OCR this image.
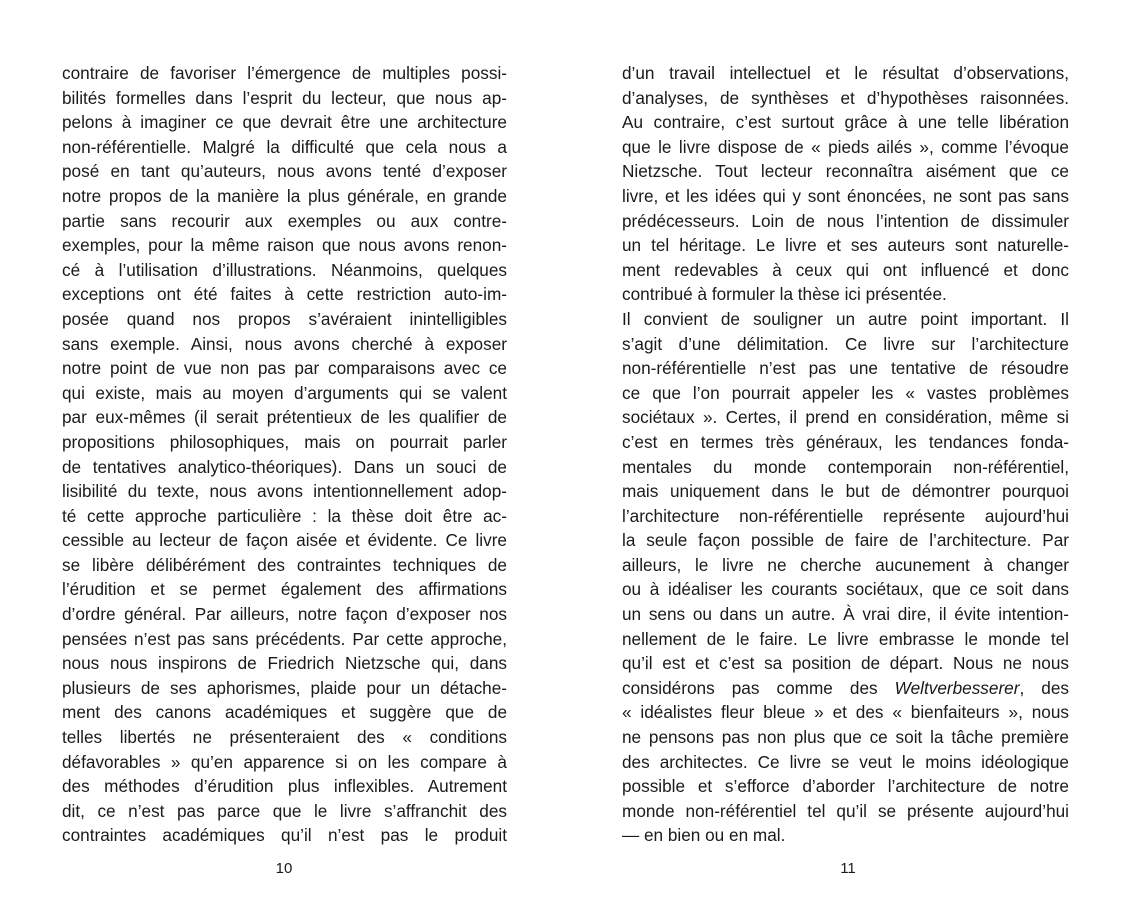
contraire de favoriser l’émergence de multiples possi-
bilités formelles dans l’esprit du lecteur, que nous ap-
pelons à imaginer ce que devrait être une architecture
non-référentielle. Malgré la difficulté que cela nous a
posé en tant qu’auteurs, nous avons tenté d’exposer
notre propos de la manière la plus générale, en grande
partie sans recourir aux exemples ou aux contre-
exemples, pour la même raison que nous avons renon-
cé à l’utilisation d’illustrations. Néanmoins, quelques
exceptions ont été faites à cette restriction auto-im-
posée quand nos propos s’avéraient inintelligibles
sans exemple. Ainsi, nous avons cherché à exposer
notre point de vue non pas par comparaisons avec ce
qui existe, mais au moyen d’arguments qui se valent
par eux-mêmes (il serait prétentieux de les qualifier de
propositions philosophiques, mais on pourrait parler
de tentatives analytico-théoriques). Dans un souci de
lisibilité du texte, nous avons intentionnellement adop-
té cette approche particulière : la thèse doit être ac-
cessible au lecteur de façon aisée et évidente. Ce livre
se libère délibérément des contraintes techniques de
l’érudition et se permet également des affirmations
d’ordre général. Par ailleurs, notre façon d’exposer nos
pensées n’est pas sans précédents. Par cette approche,
nous nous inspirons de Friedrich Nietzsche qui, dans
plusieurs de ses aphorismes, plaide pour un détache-
ment des canons académiques et suggère que de
telles libertés ne présenteraient des « conditions
défavorables » qu’en apparence si on les compare à
des méthodes d’érudition plus inflexibles. Autrement
dit, ce n’est pas parce que le livre s’affranchit des
contraintes académiques qu’il n’est pas le produit
d’un travail intellectuel et le résultat d’observations,
d’analyses, de synthèses et d’hypothèses raisonnées.
Au contraire, c’est surtout grâce à une telle libération
que le livre dispose de « pieds ailés », comme l’évoque
Nietzsche. Tout lecteur reconnaîtra aisément que ce
livre, et les idées qui y sont énoncées, ne sont pas sans
prédécesseurs. Loin de nous l’intention de dissimuler
un tel héritage. Le livre et ses auteurs sont naturelle-
ment redevables à ceux qui ont influencé et donc
contribué à formuler la thèse ici présentée.
Il convient de souligner un autre point important. Il
s’agit d’une délimitation. Ce livre sur l’architecture
non-référentielle n’est pas une tentative de résoudre
ce que l’on pourrait appeler les « vastes problèmes
sociétaux ». Certes, il prend en considération, même si
c’est en termes très généraux, les tendances fonda-
mentales du monde contemporain non-référentiel,
mais uniquement dans le but de démontrer pourquoi
l’architecture non-référentielle représente aujourd’hui
la seule façon possible de faire de l’architecture. Par
ailleurs, le livre ne cherche aucunement à changer
ou à idéaliser les courants sociétaux, que ce soit dans
un sens ou dans un autre. À vrai dire, il évite intention-
nellement de le faire. Le livre embrasse le monde tel
qu’il est et c’est sa position de départ. Nous ne nous
considérons pas comme des Weltverbesserer, des
« idéalistes fleur bleue » et des « bienfaiteurs », nous
ne pensons pas non plus que ce soit la tâche première
des architectes. Ce livre se veut le moins idéologique
possible et s’efforce d’aborder l’architecture de notre
monde non-référentiel tel qu’il se présente aujourd’hui
— en bien ou en mal.
10	11
